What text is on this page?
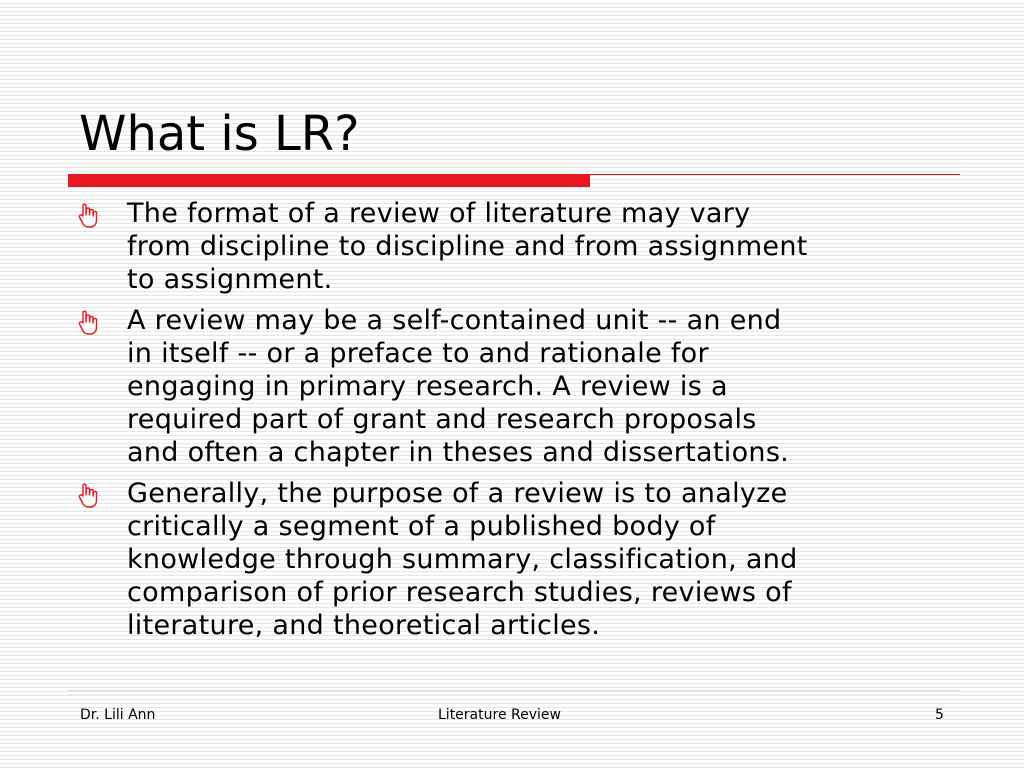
What is LR?
The format of a review of literature may vary
from discipline to discipline and from assignment
to assignment.
A review may be a self-contained unit -- an end
in itself -- or a preface to and rationale for
engaging in primary research. A review is a
required part of grant and research proposals
and often a chapter in theses and dissertations.
Generally, the purpose of a review is to analyze
critically a segment of a published body of
knowledge through summary, classification, and
comparison of prior research studies, reviews of
literature, and theoretical articles.
Dr. Lili Ann	Literature Review	5
